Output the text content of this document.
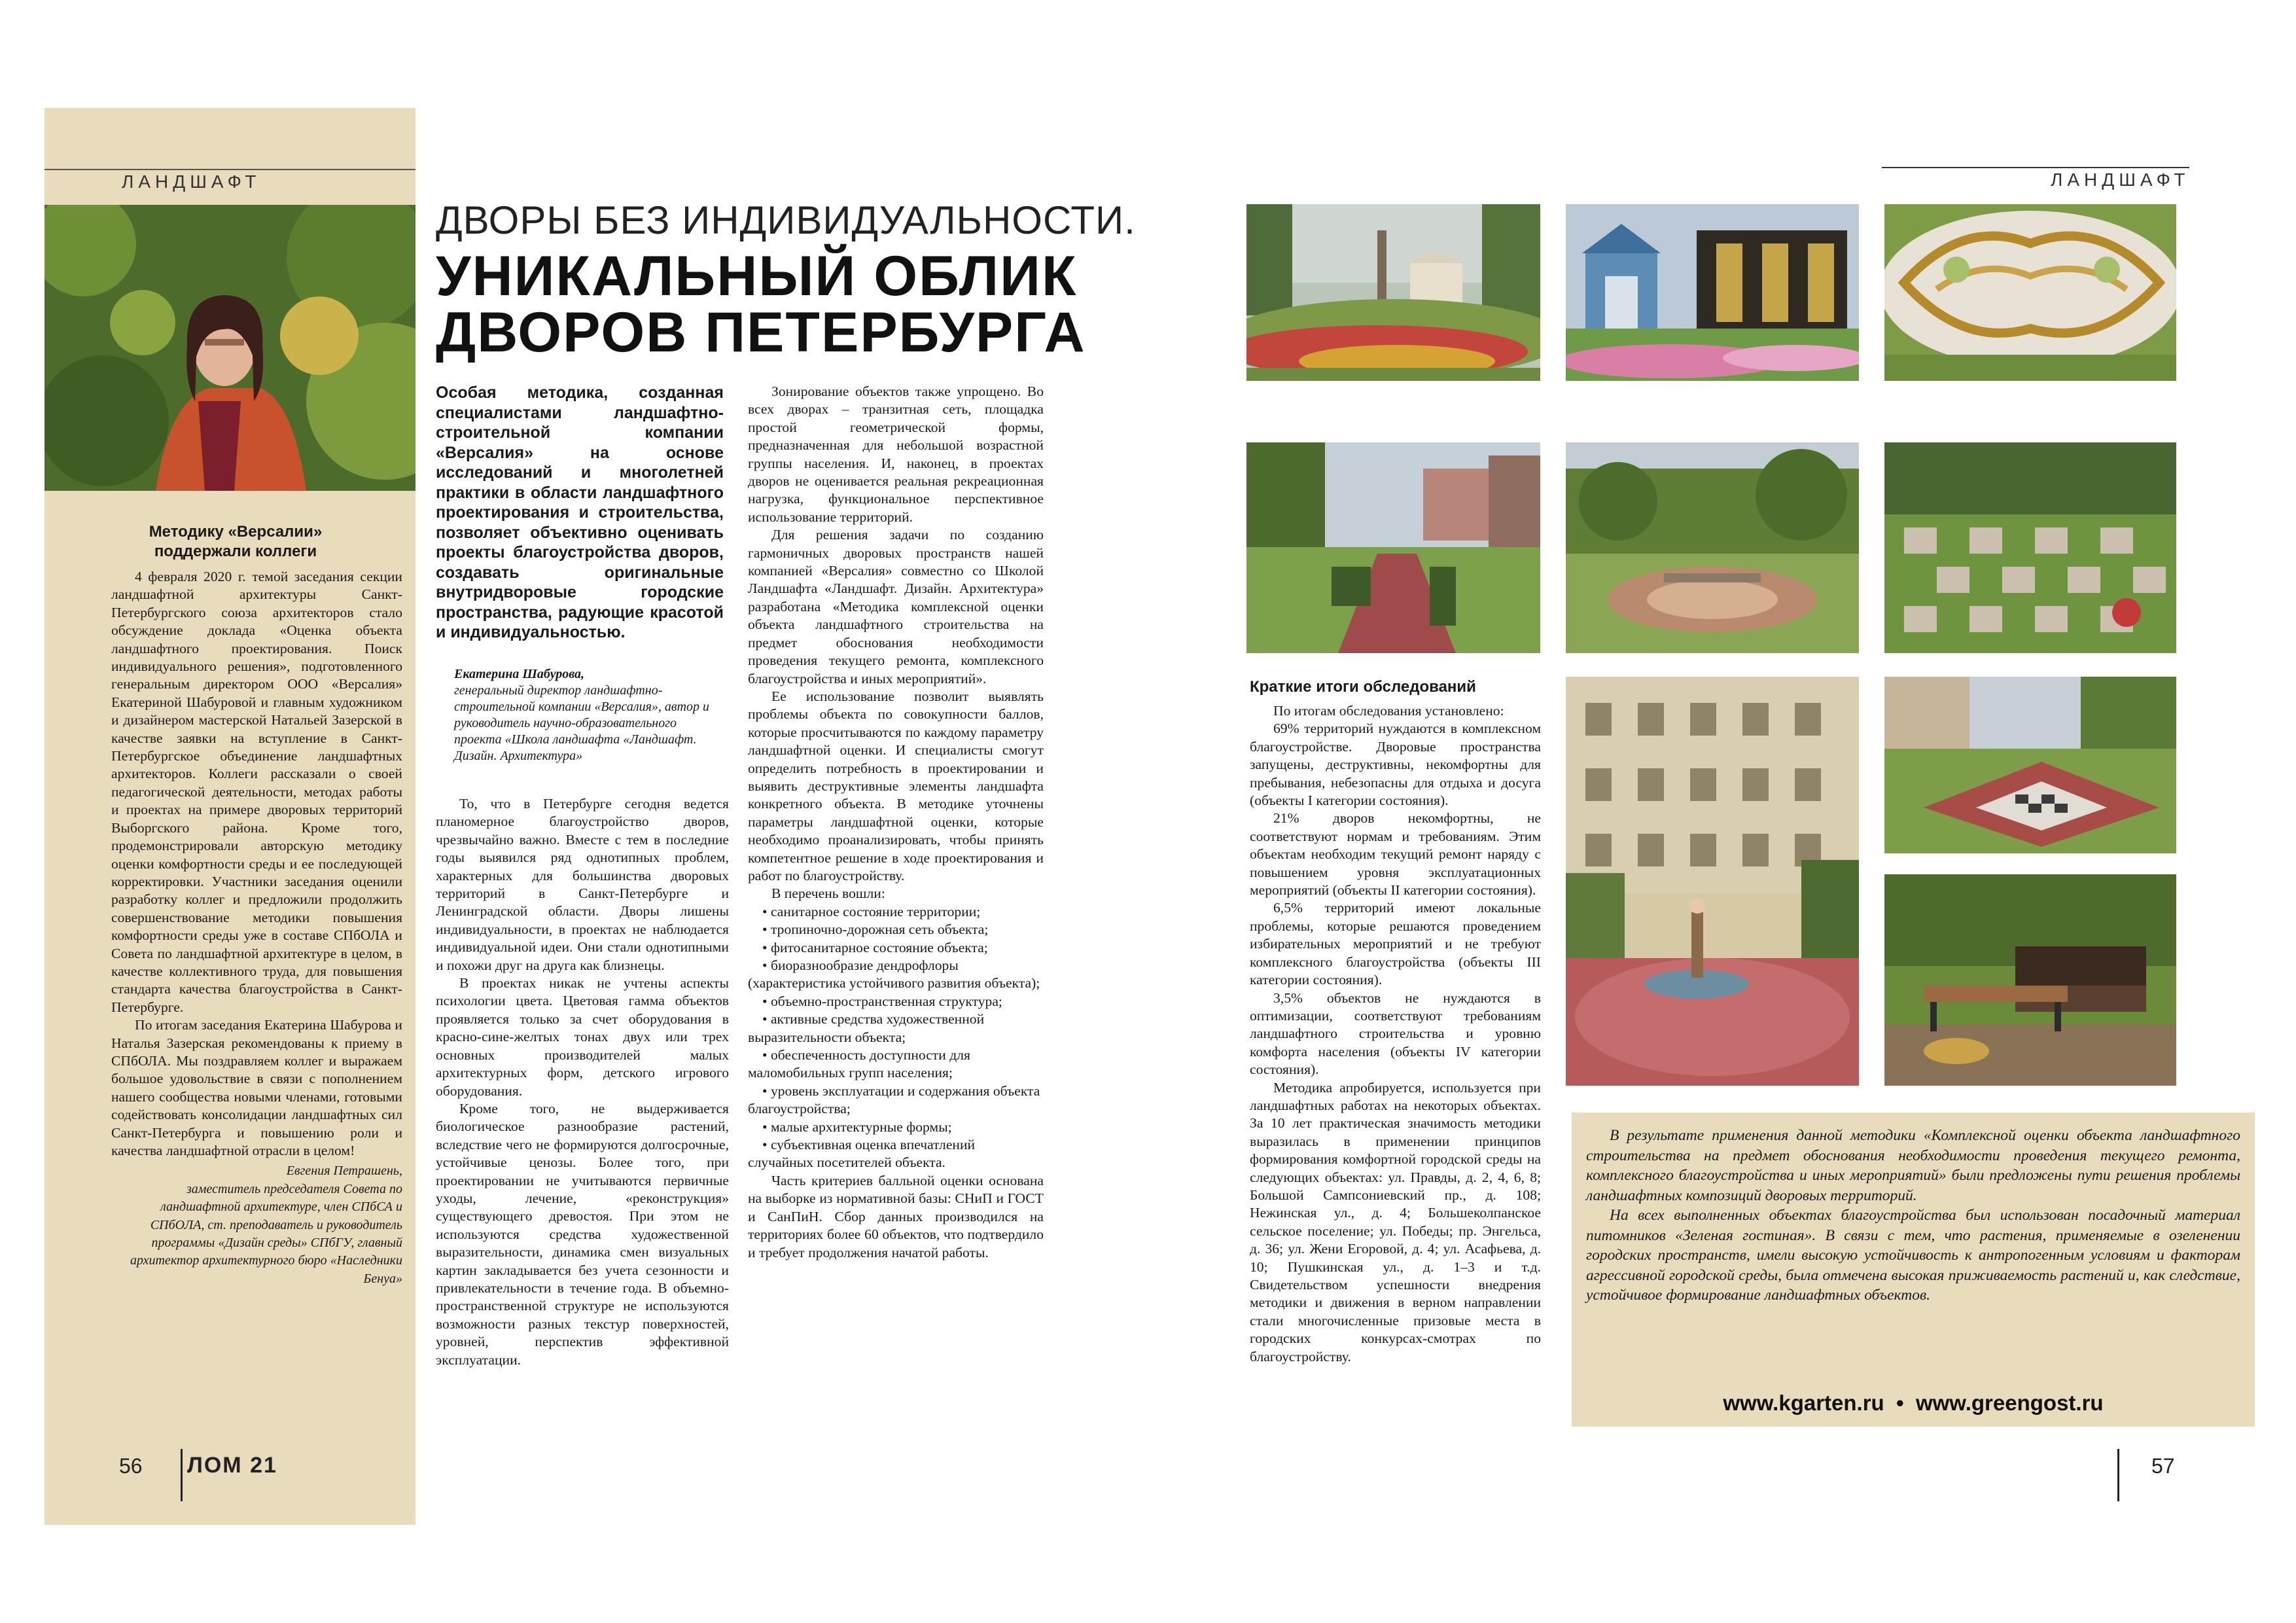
ЛАНДШАФТ
Методику «Версалии» поддержали коллеги

4 февраля 2020 г. темой заседания секции ландшафтной архитектуры Санкт-Петербургского союза архитекторов стало обсуждение доклада «Оценка объекта ландшафтного проектирования. Поиск индивидуального решения», подготовленного генеральным директором ООО «Версалия» Екатериной Шабуровой и главным художником и дизайнером мастерской Натальей Зазерской в качестве заявки на вступление в Санкт-Петербургское объединение ландшафтных архитекторов. Коллеги рассказали о своей педагогической деятельности, методах работы и проектах на примере дворовых территорий Выборгского района. Кроме того, продемонстрировали авторскую методику оценки комфортности среды и ее последующей корректировки. Участники заседания оценили разработку коллег и предложили продолжить совершенствование методики повышения комфортности среды уже в составе СПбОЛА и Совета по ландшафтной архитектуре в целом, в качестве коллективного труда, для повышения стандарта качества благоустройства в Санкт-Петербурге.

По итогам заседания Екатерина Шабурова и Наталья Зазерская рекомендованы к приему в СПбОЛА. Мы поздравляем коллег и выражаем большое удовольствие в связи с пополнением нашего сообщества новыми членами, готовыми содействовать консолидации ландшафтных сил Санкт-Петербурга и повышению роли и качества ландшафтной отрасли в целом!

Евгения Петрашень,

заместитель председателя Совета по ландшафтной архитектуре, член СПбСА и СПбОЛА, ст. преподаватель и руководитель программы «Дизайн среды» СПбГУ, главный архитектор архитектурного бюро «Наследники Бенуа»

ДВОРЫ БЕЗ ИНДИВИДУАЛЬНОСТИ.
УНИКАЛЬНЫЙ ОБЛИК
ДВОРОВ ПЕТЕРБУРГА
Особая методика, созданная специалистами ландшафтно-строительной компании «Версалия» на основе исследований и многолетней практики в области ландшафтного проектирования и строительства, позволяет объективно оценивать проекты благоустройства дворов, создавать оригинальные внутридворовые городские пространства, радующие красотой и индивидуальностью.
Екатерина Шабурова,
генеральный директор ландшафтно-строительной компании «Версалия», автор и руководитель научно-образовательного проекта «Школа ландшафта «Ландшафт. Дизайн. Архитектура»

То, что в Петербурге сегодня ведется планомерное благоустройство дворов, чрезвычайно важно. Вместе с тем в последние годы выявился ряд однотипных проблем, характерных для большинства дворовых территорий в Санкт-Петербурге и Ленинградской области. Дворы лишены индивидуальности, в проектах не наблюдается индивидуальной идеи. Они стали однотипными и похожи друг на друга как близнецы.

В проектах никак не учтены аспекты психологии цвета. Цветовая гамма объектов проявляется только за счет оборудования в красно-сине-желтых тонах двух или трех основных производителей малых архитектурных форм, детского игрового оборудования.

Кроме того, не выдерживается биологическое разнообразие растений, вследствие чего не формируются долгосрочные, устойчивые ценозы. Более того, при проектировании не учитываются первичные уходы, лечение, «реконструкция» существующего древостоя. При этом не используются средства художественной выразительности, динамика смен визуальных картин закладывается без учета сезонности и привлекательности в течение года. В объемно-пространственной структуре не используются возможности разных текстур поверхностей, уровней, перспектив эффективной эксплуатации.

Зонирование объектов также упрощено. Во всех дворах – транзитная сеть, площадка простой геометрической формы, предназначенная для небольшой возрастной группы населения. И, наконец, в проектах дворов не оценивается реальная рекреационная нагрузка, функциональное перспективное использование территорий.

Для решения задачи по созданию гармоничных дворовых пространств нашей компанией «Версалия» совместно со Школой Ландшафта «Ландшафт. Дизайн. Архитектура» разработана «Методика комплексной оценки объекта ландшафтного строительства на предмет обоснования необходимости проведения текущего ремонта, комплексного благоустройства и иных мероприятий».

Ее использование позволит выявлять проблемы объекта по совокупности баллов, которые просчитываются по каждому параметру ландшафтной оценки. И специалисты смогут определить потребность в проектировании и выявить деструктивные элементы ландшафта конкретного объекта. В методике уточнены параметры ландшафтной оценки, которые необходимо проанализировать, чтобы принять компетентное решение в ходе проектирования и работ по благоустройству.

В перечень вошли:

• санитарное состояние территории;

• тропиночно-дорожная сеть объекта;

• фитосанитарное состояние объекта;

• биоразнообразие дендрофлоры (характеристика устойчивого развития объекта);

• объемно-пространственная структура;

• активные средства художественной выразительности объекта;

• обеспеченность доступности для маломобильных групп населения;

• уровень эксплуатации и содержания объекта благоустройства;

• малые архитектурные формы;

• субъективная оценка впечатлений случайных посетителей объекта.

Часть критериев балльной оценки основана на выборке из нормативной базы: СНиП и ГОСТ и СанПиН. Сбор данных производился на территориях более 60 объектов, что подтвердило и требует продолжения начатой работы.

56 ЛОМ 21
ЛАНДШАФТ
Краткие итоги обследований

По итогам обследования установлено:

69% территорий нуждаются в комплексном благоустройстве. Дворовые пространства запущены, деструктивны, некомфортны для пребывания, небезопасны для отдыха и досуга (объекты I категории состояния).

21% дворов некомфортны, не соответствуют нормам и требованиям. Этим объектам необходим текущий ремонт наряду с повышением уровня эксплуатационных мероприятий (объекты II категории состояния).

6,5% территорий имеют локальные проблемы, которые решаются проведением избирательных мероприятий и не требуют комплексного благоустройства (объекты III категории состояния).

3,5% объектов не нуждаются в оптимизации, соответствуют требованиям ландшафтного строительства и уровню комфорта населения (объекты IV категории состояния).

Методика апробируется, используется при ландшафтных работах на некоторых объектах. За 10 лет практическая значимость методики выразилась в применении принципов формирования комфортной городской среды на следующих объектах: ул. Правды, д. 2, 4, 6, 8; Большой Сампсониевский пр., д. 108; Нежинская ул., д. 4; Большеколпанское сельское поселение; ул. Победы; пр. Энгельса, д. 36; ул. Жени Егоровой, д. 4; ул. Асафьева, д. 10; Пушкинская ул., д. 1–3 и т.д. Свидетельством успешности внедрения методики и движения в верном направлении стали многочисленные призовые места в городских конкурсах-смотрах по благоустройству.

В результате применения данной методики «Комплексной оценки объекта ландшафтного строительства на предмет обоснования необходимости проведения текущего ремонта, комплексного благоустройства и иных мероприятий» были предложены пути решения проблемы ландшафтных композиций дворовых территорий.

На всех выполненных объектах благоустройства был использован посадочный материал питомников «Зеленая гостиная». В связи с тем, что растения, применяемые в озеленении городских пространств, имели высокую устойчивость к антропогенным условиям и факторам агрессивной городской среды, была отмечена высокая приживаемость растений и, как следствие, устойчивое формирование ландшафтных объектов.

www.kgarten.ru  •  www.greengost.ru
57
